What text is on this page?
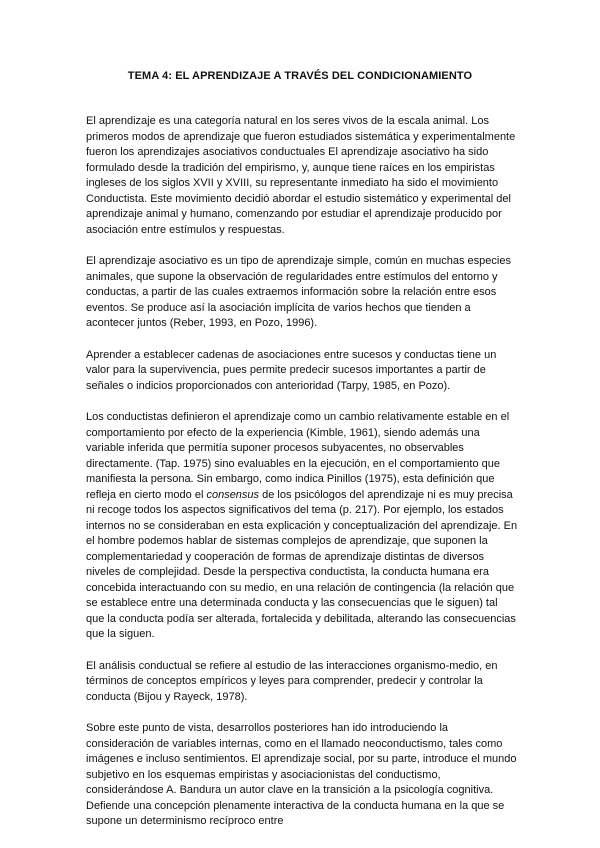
TEMA 4: EL APRENDIZAJE A TRAVÉS DEL CONDICIONAMIENTO

El aprendizaje es una categoría natural en los seres vivos de la escala animal. Los primeros modos de aprendizaje que fueron estudiados sistemática y experimentalmente fueron los aprendizajes asociativos conductuales El aprendizaje asociativo ha sido formulado desde la tradición del empirismo, y, aunque tiene raíces en los empiristas ingleses de los siglos XVII y XVIII, su representante inmediato ha sido el movimiento Conductista. Este movimiento decidió abordar el estudio sistemático y experimental del aprendizaje animal y humano, comenzando por estudiar el aprendizaje producido por asociación entre estímulos y respuestas.

El aprendizaje asociativo es un tipo de aprendizaje simple, común en muchas especies animales, que supone la observación de regularidades entre estímulos del entorno y conductas, a partir de las cuales extraemos información sobre la relación entre esos eventos. Se produce así la asociación implícita de varios hechos que tienden a acontecer juntos (Reber, 1993, en Pozo, 1996).

Aprender a establecer cadenas de asociaciones entre sucesos y conductas tiene un valor para la supervivencia, pues permite predecir sucesos importantes a partir de señales o indicios proporcionados con anterioridad (Tarpy, 1985, en Pozo).

Los conductistas definieron el aprendizaje como un cambio relativamente estable en el comportamiento por efecto de la experiencia (Kimble, 1961), siendo además una variable inferida que permitía suponer procesos subyacentes, no observables directamente. (Tap. 1975) sino evaluables en la ejecución, en el comportamiento que manifiesta la persona. Sin embargo, como indica Pinillos (1975), esta definición que refleja en cierto modo el consensus de los psicólogos del aprendizaje ni es muy precisa ni recoge todos los aspectos significativos del tema (p. 217). Por ejemplo, los estados internos no se consideraban en esta explicación y conceptualización del aprendizaje. En el hombre podemos hablar de sistemas complejos de aprendizaje, que suponen la complementariedad y cooperación de formas de aprendizaje distintas de diversos niveles de complejidad. Desde la perspectiva conductista, la conducta humana era concebida interactuando con su medio, en una relación de contingencia (la relación que se establece entre una determinada conducta y las consecuencias que le siguen) tal que la conducta podía ser alterada, fortalecida y debilitada, alterando las consecuencias que la siguen.

El análisis conductual se refiere al estudio de las interacciones organismo-medio, en términos de conceptos empíricos y leyes para comprender, predecir y controlar la conducta (Bijou y Rayeck, 1978).

Sobre este punto de vista, desarrollos posteriores han ido introduciendo la consideración de variables internas, como en el llamado neoconductismo, tales como imágenes e incluso sentimientos. El aprendizaje social, por su parte, introduce el mundo subjetivo en los esquemas empiristas y asociacionistas del conductismo, considerándose A. Bandura un autor clave en la transición a la psicología cognitiva. Defiende una concepción plenamente interactiva de la conducta humana en la que se supone un determinismo recíproco entre
